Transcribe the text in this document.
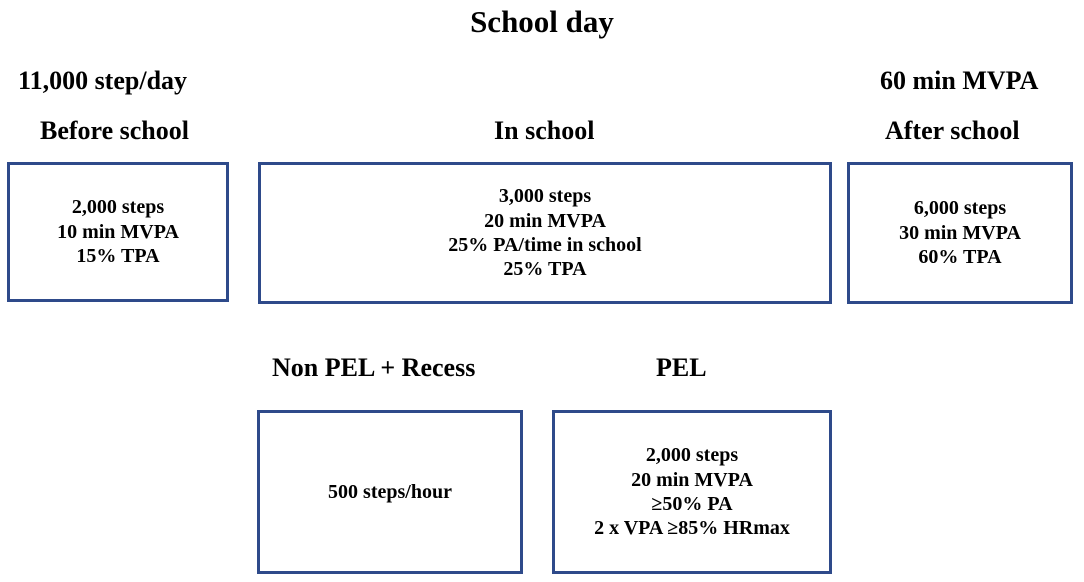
School day
11,000 step/day	60 min MVPA
Before school	In school	After school
2,000 steps
10 min MVPA
15% TPA
3,000 steps
20 min MVPA
25% PA/time in school
25% TPA
6,000 steps
30 min MVPA
60% TPA
Non PEL + Recess	PEL
500 steps/hour
2,000 steps
20 min MVPA
≥50% PA
2 x VPA ≥85% HRmax
